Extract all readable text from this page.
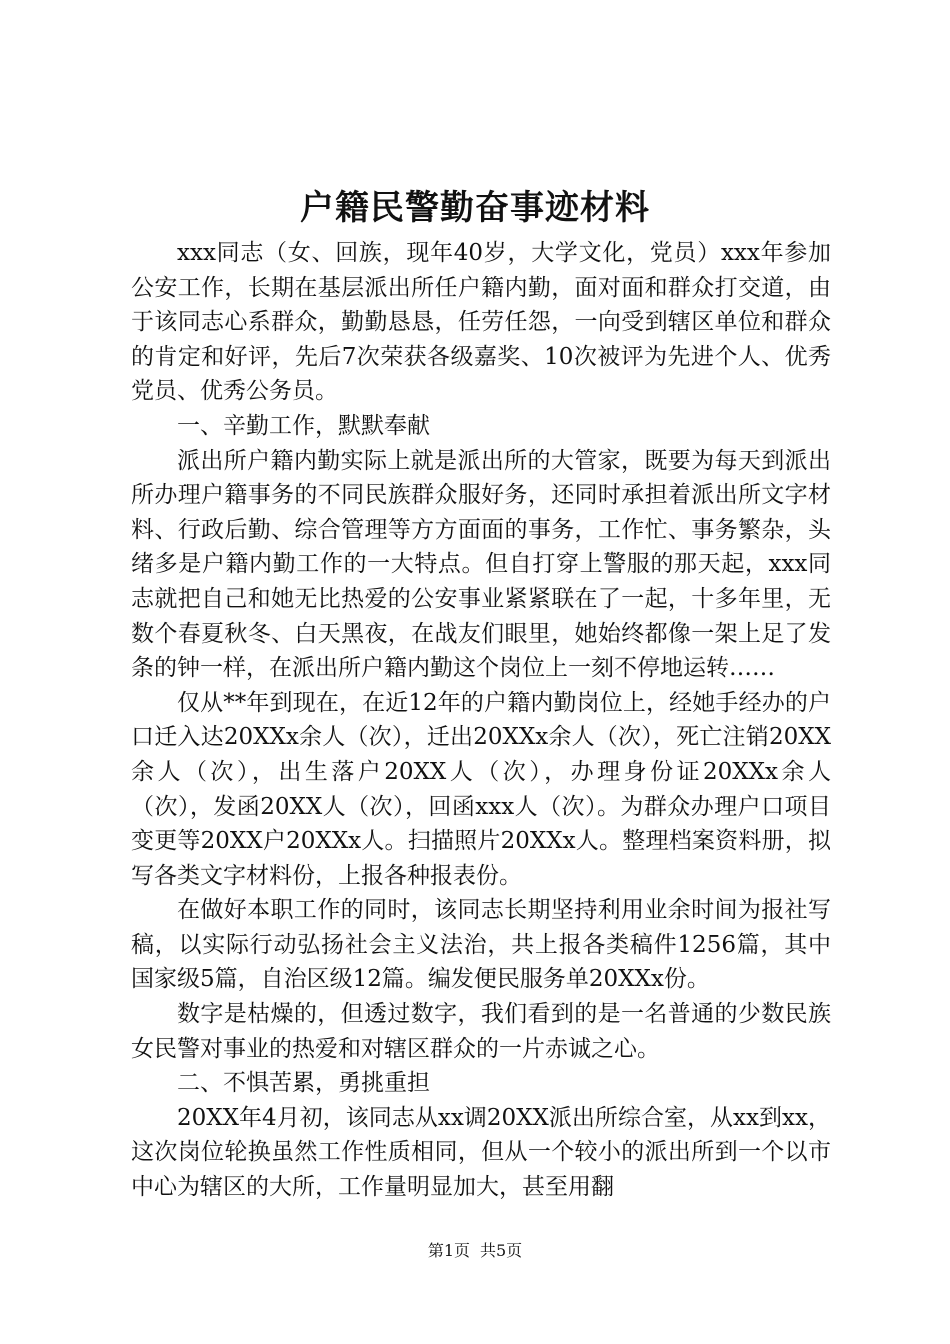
户籍民警勤奋事迹材料

xxx同志（女、回族，现年40岁，大学文化，党员）xxx年参加公安工作，长期在基层派出所任户籍内勤，面对面和群众打交道，由于该同志心系群众，勤勤恳恳，任劳任怨，一向受到辖区单位和群众的肯定和好评，先后7次荣获各级嘉奖、10次被评为先进个人、优秀党员、优秀公务员。

一、辛勤工作，默默奉献

派出所户籍内勤实际上就是派出所的大管家，既要为每天到派出所办理户籍事务的不同民族群众服好务，还同时承担着派出所文字材料、行政后勤、综合管理等方方面面的事务，工作忙、事务繁杂，头绪多是户籍内勤工作的一大特点。但自打穿上警服的那天起，xxx同志就把自己和她无比热爱的公安事业紧紧联在了一起，十多年里，无数个春夏秋冬、白天黑夜，在战友们眼里，她始终都像一架上足了发条的钟一样，在派出所户籍内勤这个岗位上一刻不停地运转……

仅从**年到现在，在近12年的户籍内勤岗位上，经她手经办的户口迁入达20XXx余人（次），迁出20XXx余人（次），死亡注销20XX余人（次），出生落户20XX人（次），办理身份证20XXx余人（次），发函20XX人（次），回函xxx人（次）。为群众办理户口项目变更等20XX户20XXx人。扫描照片20XXx人。整理档案资料册，拟写各类文字材料份，上报各种报表份。

在做好本职工作的同时，该同志长期坚持利用业余时间为报社写稿，以实际行动弘扬社会主义法治，共上报各类稿件1256篇，其中国家级5篇，自治区级12篇。编发便民服务单20XXx份。

数字是枯燥的，但透过数字，我们看到的是一名普通的少数民族女民警对事业的热爱和对辖区群众的一片赤诚之心。

二、不惧苦累，勇挑重担

20XX年4月初，该同志从xx调20XX派出所综合室，从xx到xx，这次岗位轮换虽然工作性质相同，但从一个较小的派出所到一个以市中心为辖区的大所，工作量明显加大，甚至用翻

第1页 共5页
